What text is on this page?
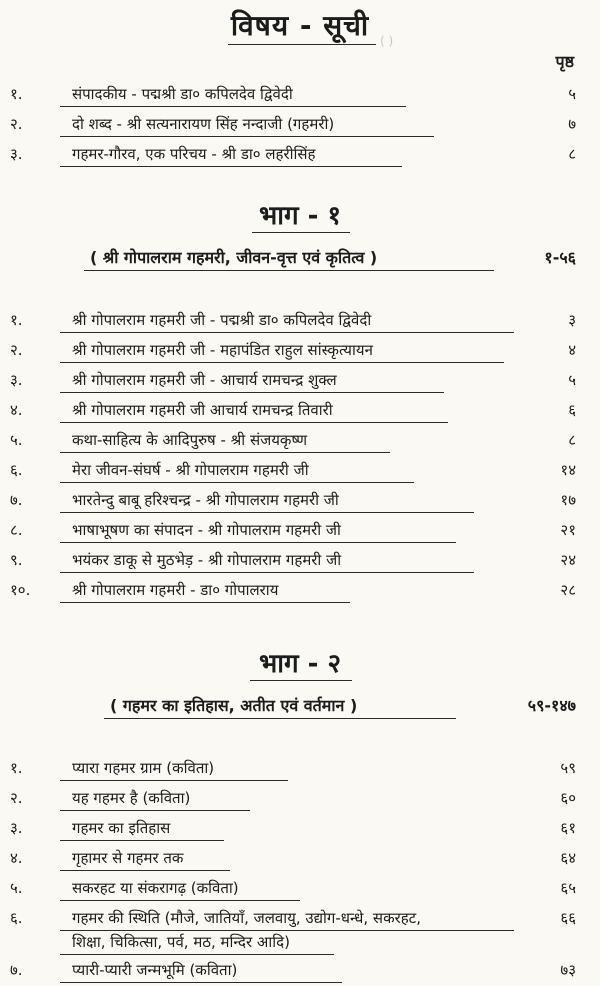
( )
विषय - सूची
पृष्ठ
१.	संपादकीय - पद्मश्री डा० कपिलदेव द्विवेदी	५
२.	दो शब्द - श्री सत्यनारायण सिंह नन्दाजी (गहमरी)	७
३.	गहमर-गौरव, एक परिचय - श्री डा० लहरीसिंह	८
भाग - १
( श्री गोपालराम गहमरी, जीवन-वृत्त एवं कृतित्व )	१-५६
१.	श्री गोपालराम गहमरी जी - पद्मश्री डा० कपिलदेव द्विवेदी	३
२.	श्री गोपालराम गहमरी जी - महापंडित राहुल सांस्कृत्यायन	४
३.	श्री गोपालराम गहमरी जी - आचार्य रामचन्द्र शुक्ल	५
४.	श्री गोपालराम गहमरी जी आचार्य रामचन्द्र तिवारी	६
५.	कथा-साहित्य के आदिपुरुष - श्री संजयकृष्ण	८
६.	मेरा जीवन-संघर्ष - श्री गोपालराम गहमरी जी	१४
७.	भारतेन्दु बाबू हरिश्चन्द्र - श्री गोपालराम गहमरी जी	१७
८.	भाषाभूषण का संपादन - श्री गोपालराम गहमरी जी	२१
९.	भयंकर डाकू से मुठभेड़ - श्री गोपालराम गहमरी जी	२४
१०.	श्री गोपालराम गहमरी - डा० गोपालराय	२८
भाग - २
( गहमर का इतिहास, अतीत एवं वर्तमान )	५९-१४७
१.	प्यारा गहमर ग्राम (कविता)	५९
२.	यह गहमर है (कविता)	६०
३.	गहमर का इतिहास	६१
४.	गृहामर से गहमर तक	६४
५.	सकरहट या संकरागढ़ (कविता)	६५
६.	गहमर की स्थिति (मौजे, जातियाँ, जलवायु, उद्योग-धन्धे, सकरहट,
शिक्षा, चिकित्सा, पर्व, मठ, मन्दिर आदि)
६६
७.	प्यारी-प्यारी जन्मभूमि (कविता)	७३
